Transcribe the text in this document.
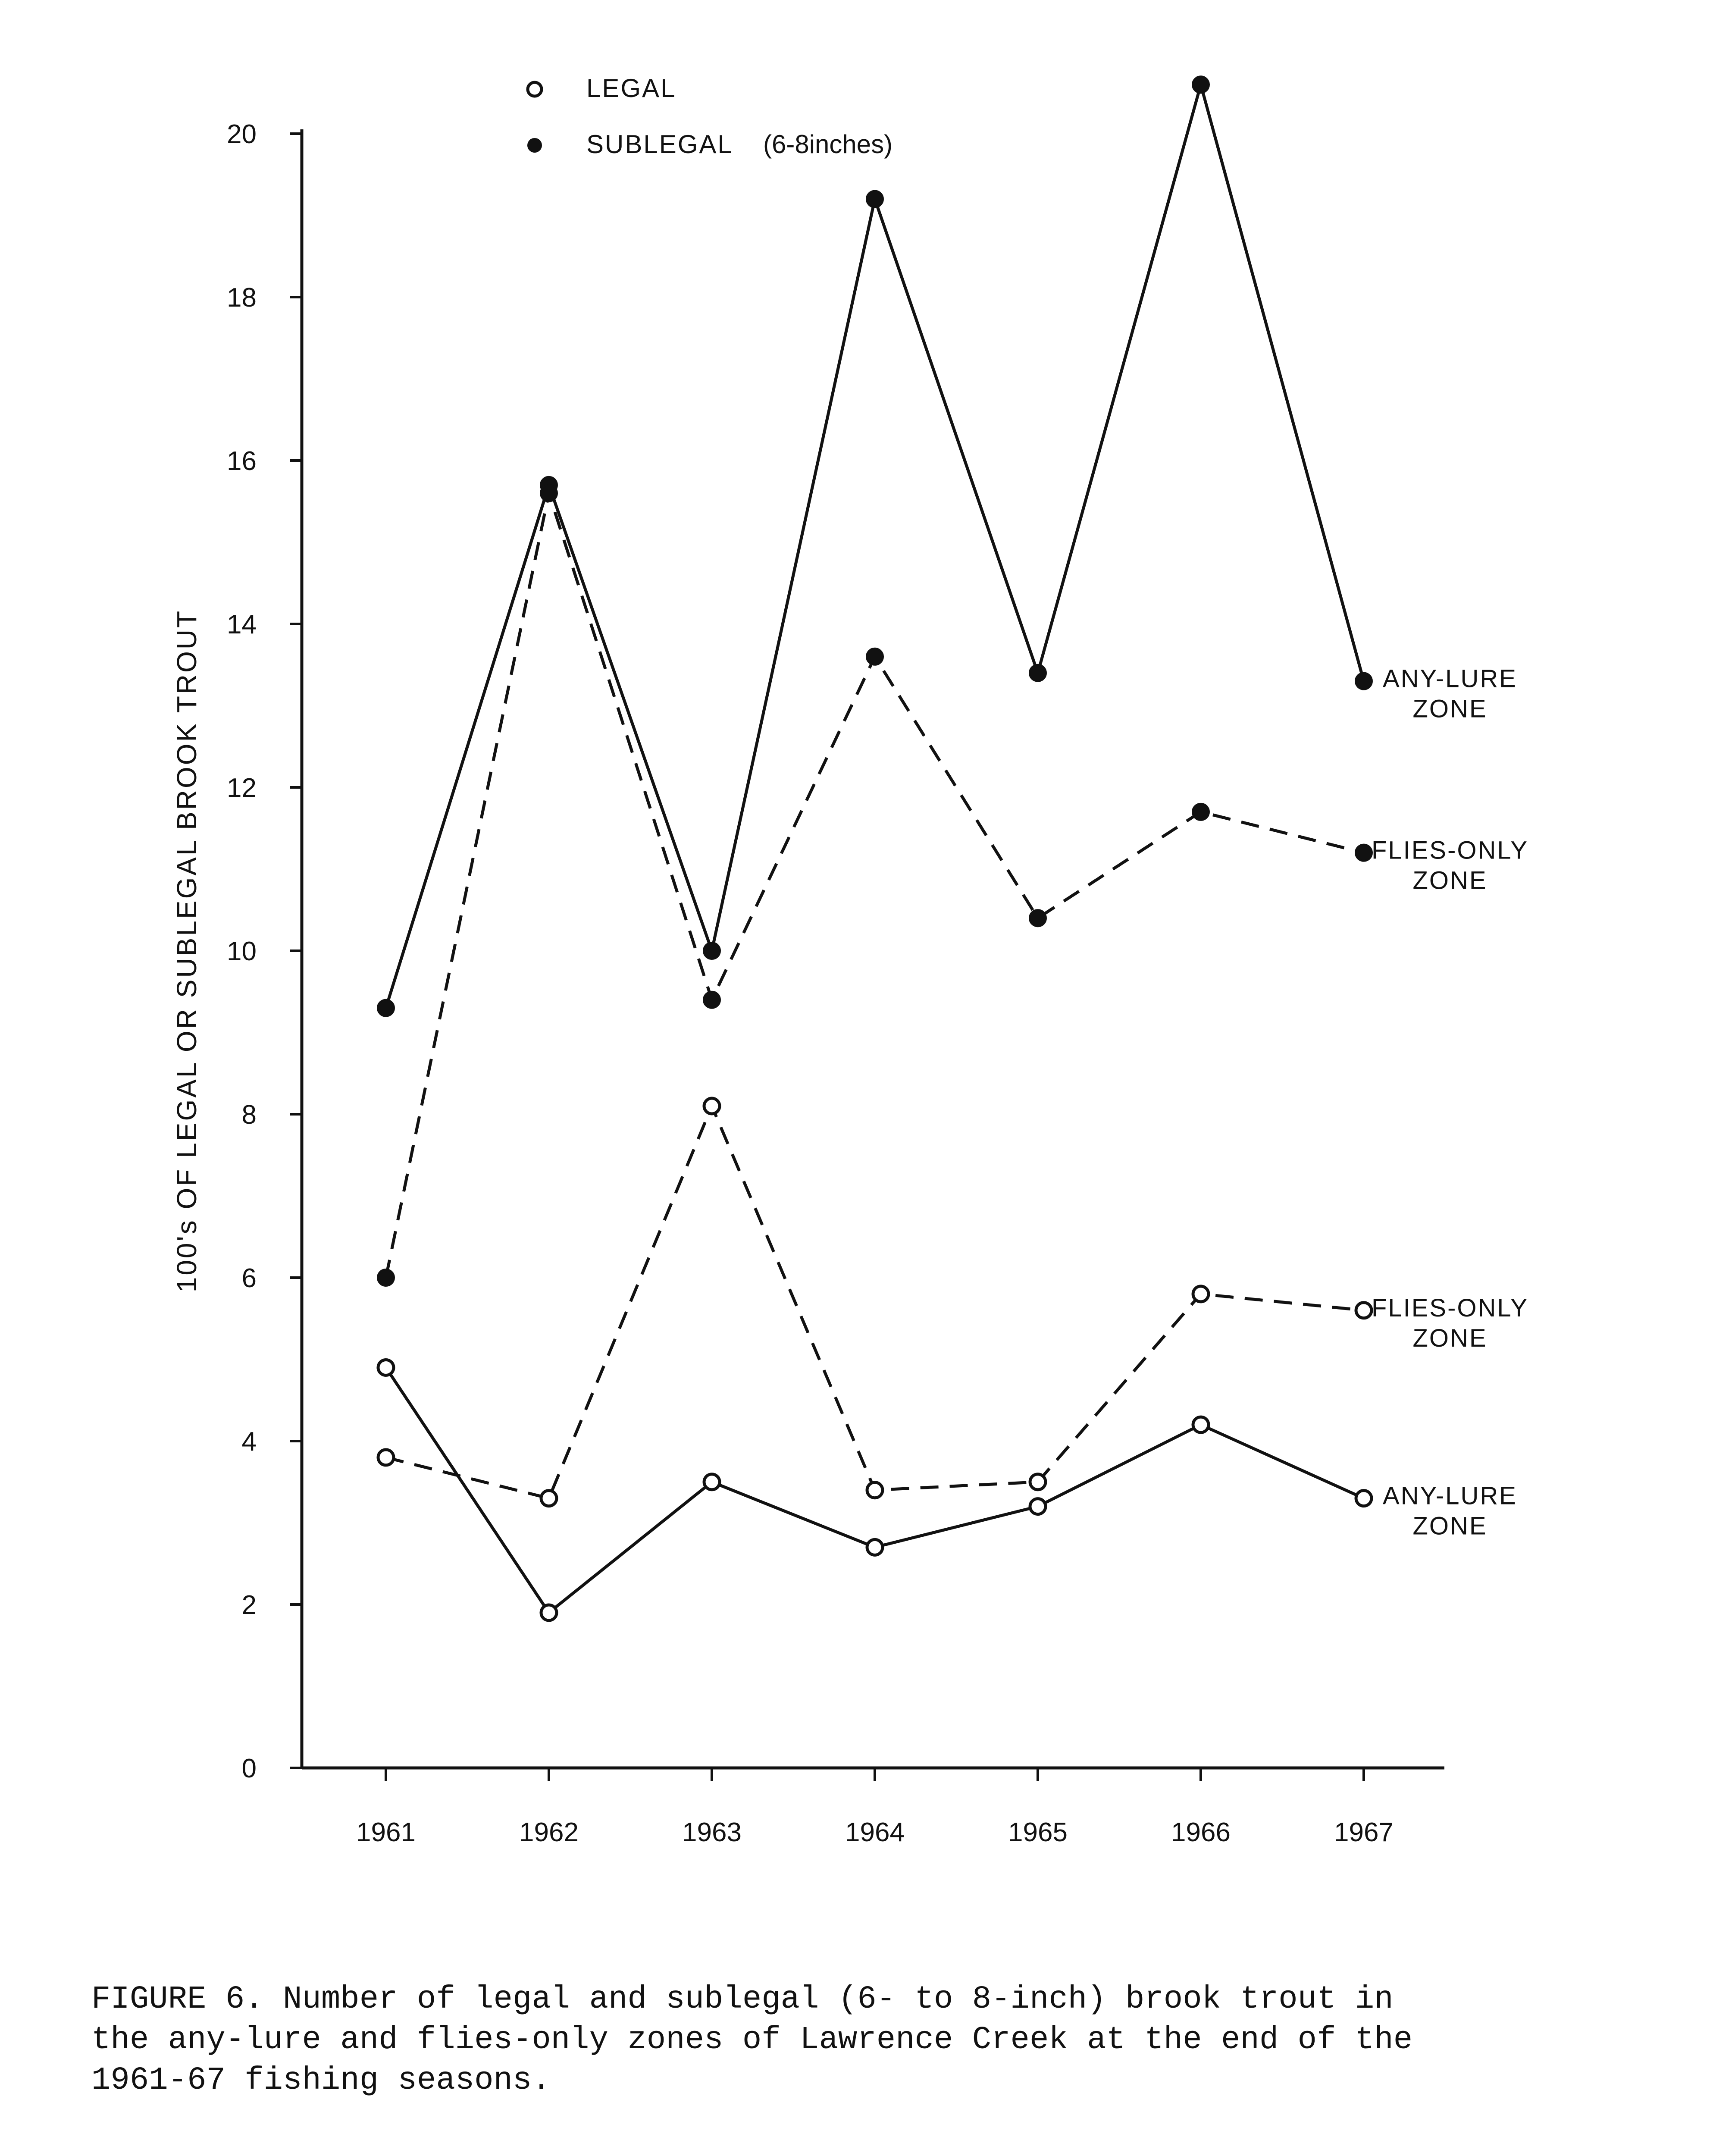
100's OF LEGAL OR SUBLEGAL BROOK TROUT
0
2
4
6
8
10
12
14
16
18
20
1961	1962	1963	1964	1965	1966	1967
LEGAL
SUBLEGAL (6-8inches)
ANY-LURE
ZONE
FLIES-ONLY
ZONE
FLIES-ONLY
ZONE
ANY-LURE
ZONE
FIGURE 6. Number of legal and sublegal (6- to 8-inch) brook trout in
the any-lure and flies-only zones of Lawrence Creek at the end of the
1961-67 fishing seasons.
